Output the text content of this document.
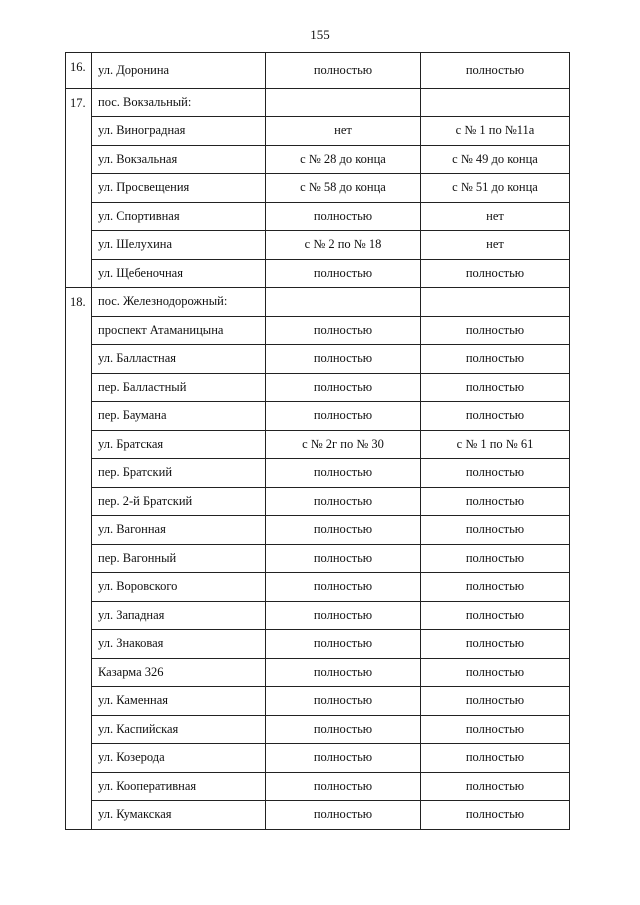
155
16.	ул. Доронина	полностью	полностью
17.	пос. Вокзальный:		
	ул. Виноградная	нет	с № 1 по №11а
	ул. Вокзальная	с № 28 до конца	с № 49 до конца
	ул. Просвещения	с № 58 до конца	с № 51 до конца
	ул. Спортивная	полностью	нет
	ул. Шелухина	с № 2 по № 18	нет
	ул. Щебеночная	полностью	полностью
18.	пос. Железнодорожный:		
	проспект Атаманицына	полностью	полностью
	ул. Балластная	полностью	полностью
	пер. Балластный	полностью	полностью
	пер. Баумана	полностью	полностью
	ул. Братская	с № 2г по № 30	с № 1 по № 61
	пер. Братский	полностью	полностью
	пер. 2-й Братский	полностью	полностью
	ул. Вагонная	полностью	полностью
	пер. Вагонный	полностью	полностью
	ул. Воровского	полностью	полностью
	ул. Западная	полностью	полностью
	ул. Знаковая	полностью	полностью
	Казарма 326	полностью	полностью
	ул. Каменная	полностью	полностью
	ул. Каспийская	полностью	полностью
	ул. Козерода	полностью	полностью
	ул. Кооперативная	полностью	полностью
	ул. Кумакская	полностью	полностью
